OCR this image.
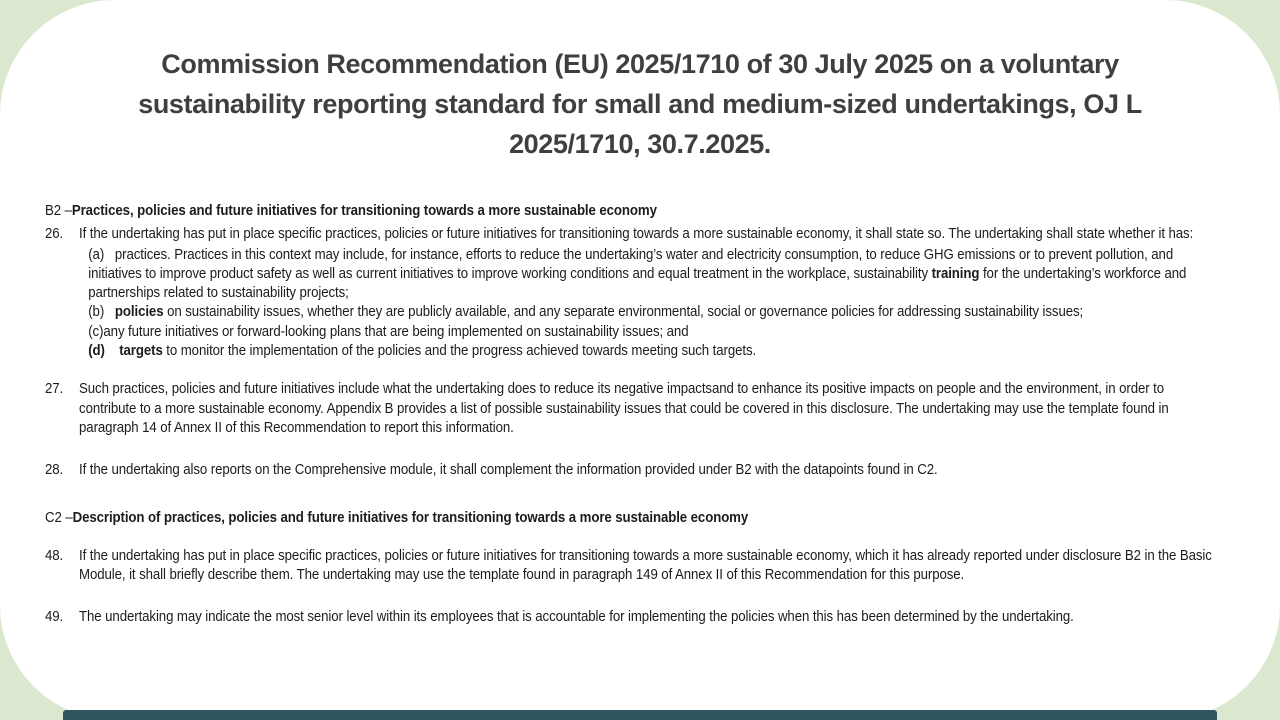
Commission Recommendation (EU) 2025/1710 of 30 July 2025 on a voluntary
sustainability reporting standard for small and medium-sized undertakings, OJ L
2025/1710, 30.7.2025.
B2 –Practices, policies and future initiatives for transitioning towards a more sustainable economy
26.	If the undertaking has put in place specific practices, policies or future initiatives for transitioning towards a more sustainable economy, it shall state so. The undertaking shall state whether it has:
(a)   practices. Practices in this context may include, for instance, efforts to reduce the undertaking’s water and electricity consumption, to reduce GHG emissions or to prevent pollution, and initiatives to improve product safety as well as current initiatives to improve working conditions and equal treatment in the workplace, sustainability training for the undertaking’s workforce and partnerships related to sustainability projects;
(b)   policies on sustainability issues, whether they are publicly available, and any separate environmental, social or governance policies for addressing sustainability issues;
(c)any future initiatives or forward-looking plans that are being implemented on sustainability issues; and
(d)    targets to monitor the implementation of the policies and the progress achieved towards meeting such targets.
27.	Such practices, policies and future initiatives include what the undertaking does to reduce its negative impactsand to enhance its positive impacts on people and the environment, in order to contribute to a more sustainable economy. Appendix B provides a list of possible sustainability issues that could be covered in this disclosure. The undertaking may use the template found in paragraph 14 of Annex II of this Recommendation to report this information.
28.	If the undertaking also reports on the Comprehensive module, it shall complement the information provided under B2 with the datapoints found in C2.
C2 –Description of practices, policies and future initiatives for transitioning towards a more sustainable economy
48.	If the undertaking has put in place specific practices, policies or future initiatives for transitioning towards a more sustainable economy, which it has already reported under disclosure B2 in the Basic Module, it shall briefly describe them. The undertaking may use the template found in paragraph 149 of Annex II of this Recommendation for this purpose.
49.	The undertaking may indicate the most senior level within its employees that is accountable for implementing the policies when this has been determined by the undertaking.
